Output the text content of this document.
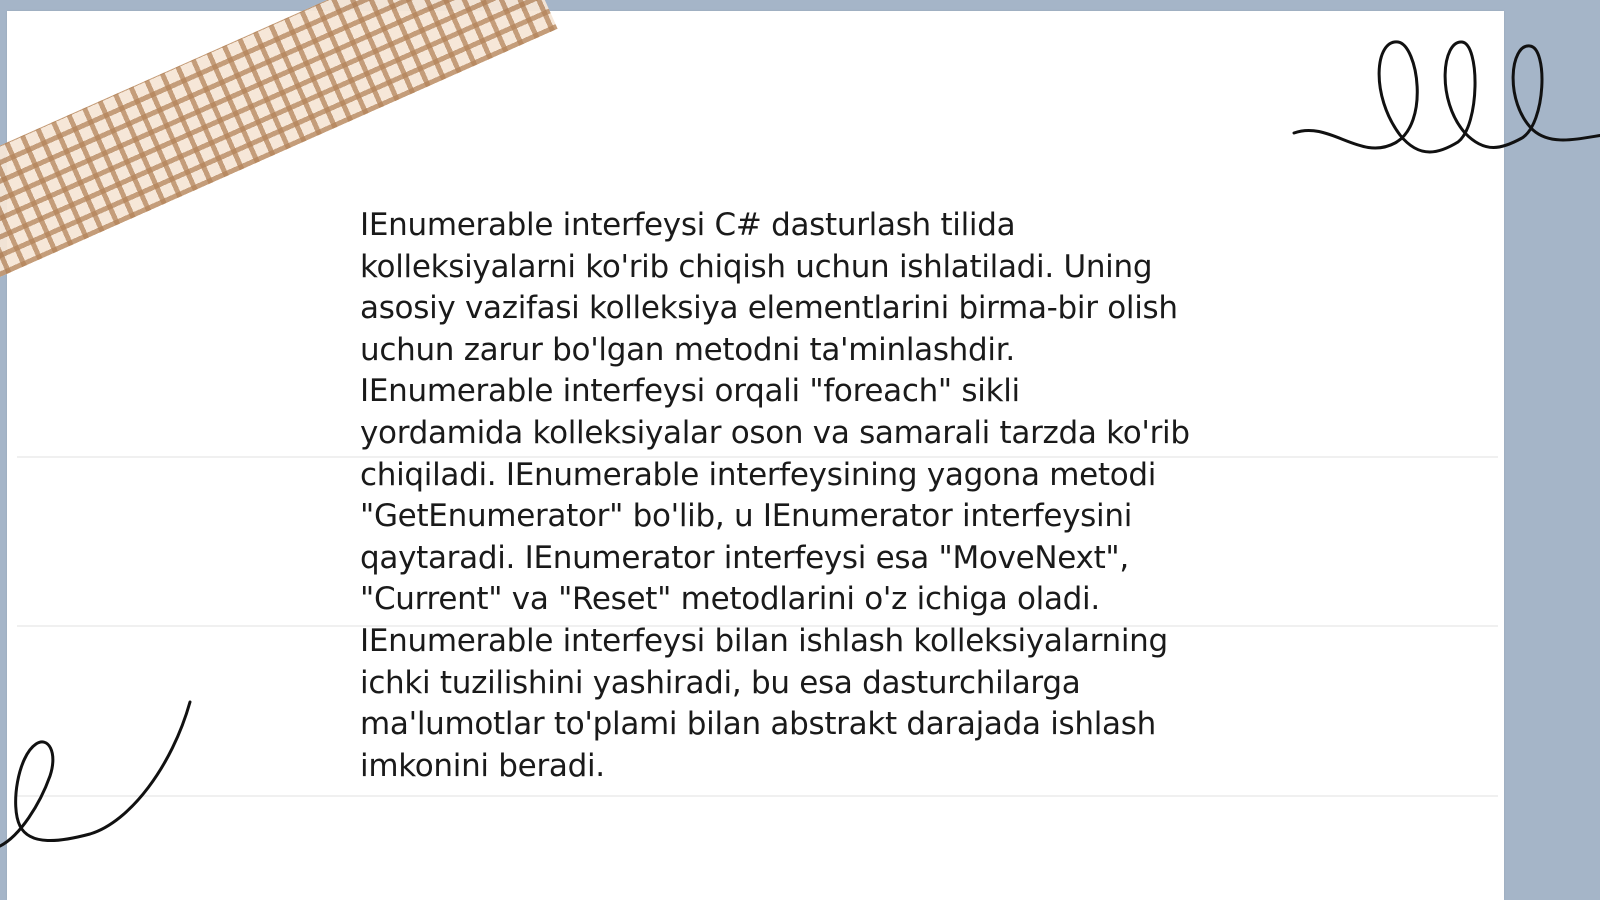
IEnumerable interfeysi C# dasturlash tilida
kolleksiyalarni ko'rib chiqish uchun ishlatiladi. Uning
asosiy vazifasi kolleksiya elementlarini birma-bir olish
uchun zarur bo'lgan metodni ta'minlashdir.
IEnumerable interfeysi orqali "foreach" sikli
yordamida kolleksiyalar oson va samarali tarzda ko'rib
chiqiladi. IEnumerable interfeysining yagona metodi
"GetEnumerator" bo'lib, u IEnumerator interfeysini
qaytaradi. IEnumerator interfeysi esa "MoveNext",
"Current" va "Reset" metodlarini o'z ichiga oladi.
IEnumerable interfeysi bilan ishlash kolleksiyalarning
ichki tuzilishini yashiradi, bu esa dasturchilarga
ma'lumotlar to'plami bilan abstrakt darajada ishlash
imkonini beradi.
